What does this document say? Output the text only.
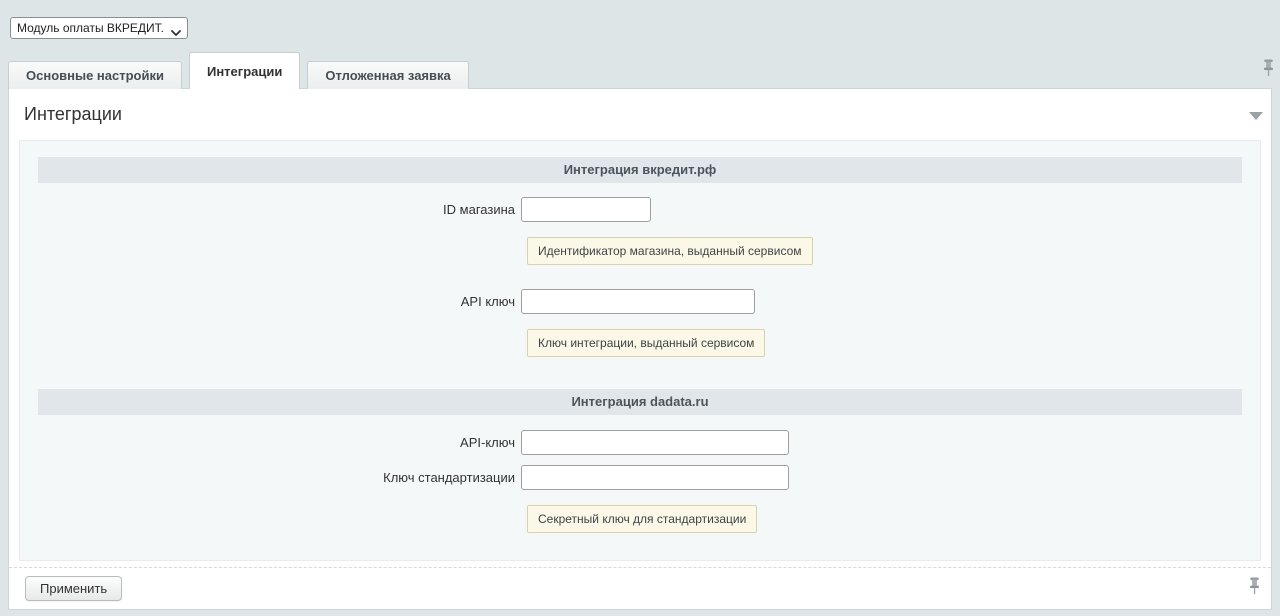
Модуль оплаты ВКРЕДИТ.РФ
Основные настройки	Интеграции	Отложенная заявка
Интеграции
Интеграция вкредит.рф
ID магазина
Идентификатор магазина, выданный сервисом
API ключ
Ключ интеграции, выданный сервисом
Интеграция dadata.ru
API-ключ
Ключ стандартизации
Секретный ключ для стандартизации
Применить
